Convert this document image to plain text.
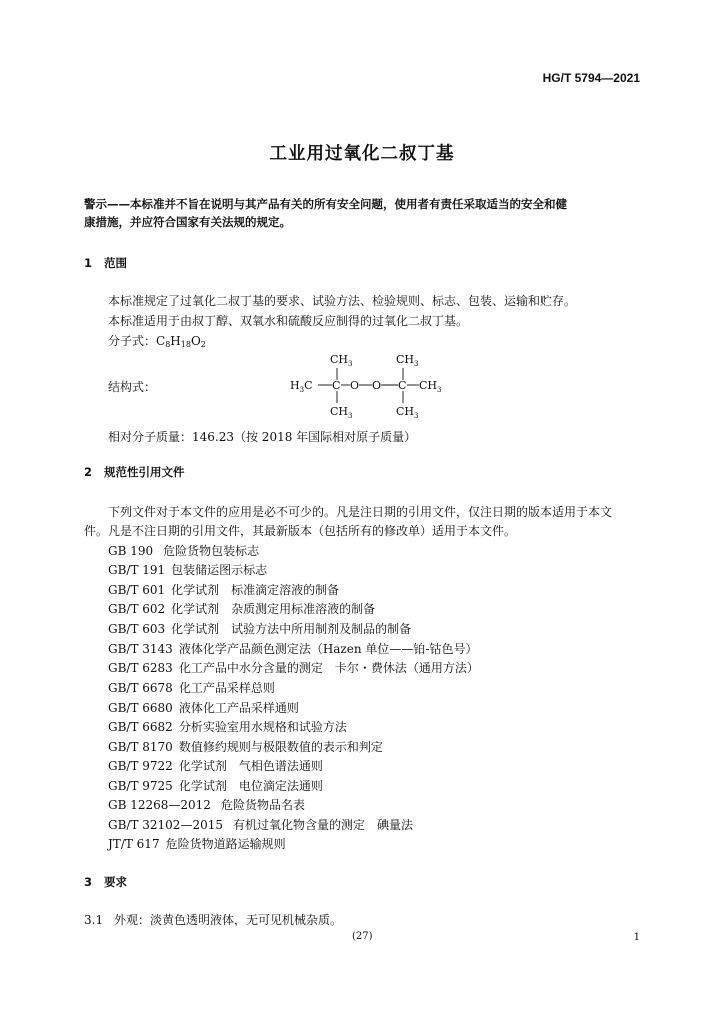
HG/T 5794—2021
工业用过氧化二叔丁基
警示——本标准并不旨在说明与其产品有关的所有安全问题，使用者有责任采取适当的安全和健
康措施，并应符合国家有关法规的规定。
1 范围
本标准规定了过氧化二叔丁基的要求、试验方法、检验规则、标志、包装、运输和贮存。
本标准适用于由叔丁醇、双氧水和硫酸反应制得的过氧化二叔丁基。
分子式：$C_8H_{18}O_2$
结构式：
$CH_3$	$CH_3$
$H_3C$ C O O C $CH_3$
$CH_3$	$CH_3$
相对分子质量：146.23（按 2018 年国际相对原子质量）
2 规范性引用文件
下列文件对于本文件的应用是必不可少的。凡是注日期的引用文件，仅注日期的版本适用于本文
件。凡是不注日期的引用文件，其最新版本（包括所有的修改单）适用于本文件。
GB 190 危险货物包装标志
GB/T 191 包装储运图示标志
GB/T 601 化学试剂　标准滴定溶液的制备
GB/T 602 化学试剂　杂质测定用标准溶液的制备
GB/T 603 化学试剂　试验方法中所用制剂及制品的制备
GB/T 3143 液体化学产品颜色测定法（Hazen 单位——铂-钴色号）
GB/T 6283 化工产品中水分含量的测定　卡尔・费休法（通用方法）
GB/T 6678 化工产品采样总则
GB/T 6680 液体化工产品采样通则
GB/T 6682 分析实验室用水规格和试验方法
GB/T 8170 数值修约规则与极限数值的表示和判定
GB/T 9722 化学试剂　气相色谱法通则
GB/T 9725 化学试剂　电位滴定法通则
GB 12268—2012 危险货物品名表
GB/T 32102—2015 有机过氧化物含量的测定　碘量法
JT/T 617 危险货物道路运输规则
3 要求
3.1 外观：淡黄色透明液体，无可见机械杂质。
(27)	1
